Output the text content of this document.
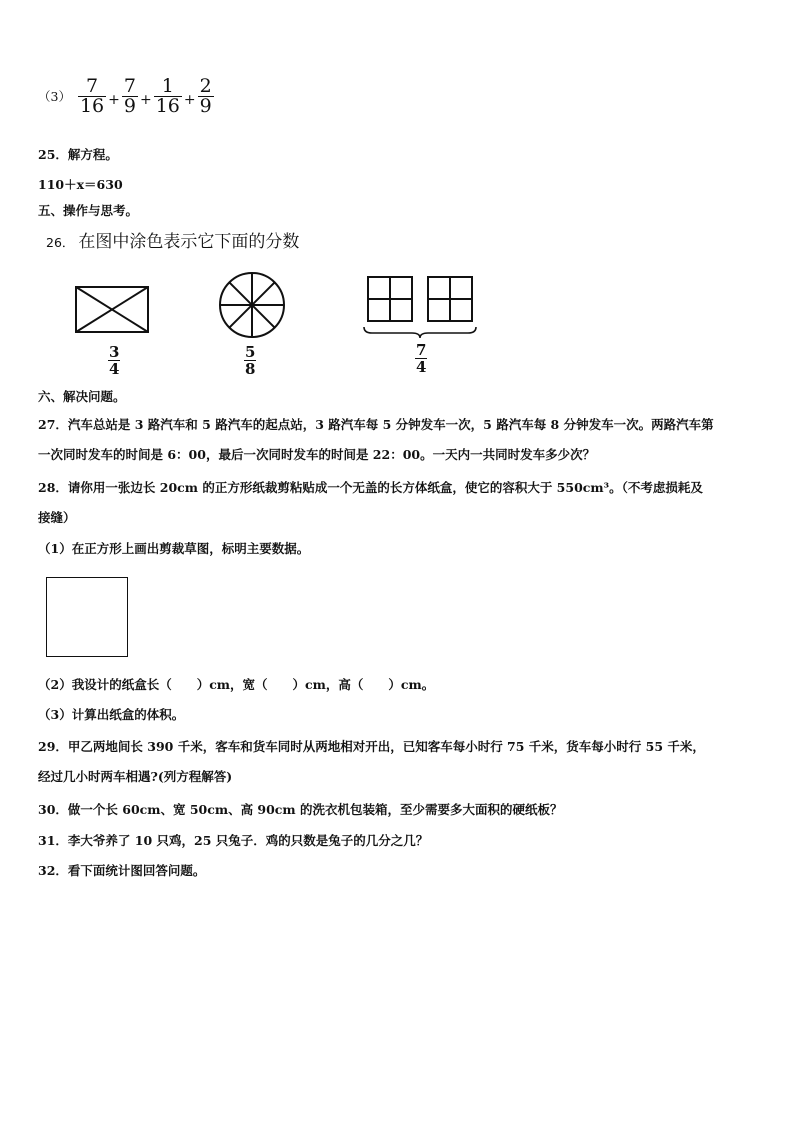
$(3) \frac{7}{16} + \frac{7}{9} + \frac{1}{16} + \frac{2}{9}$
25．解方程。
110＋x＝630
五、操作与思考。
26． 在图中涂色表示它下面的分数
3
4
5
8
7
4
六、解决问题。
27．汽车总站是 3 路汽车和 5 路汽车的起点站，3 路汽车每 5 分钟发车一次，5 路汽车每 8 分钟发车一次。两路汽车第
一次同时发车的时间是 6：00，最后一次同时发车的时间是 22：00。一天内一共同时发车多少次？
28．请你用一张边长 20cm 的正方形纸裁剪粘贴成一个无盖的长方体纸盒，使它的容积大于 550cm³。（不考虑损耗及
接缝）
（1）在正方形上画出剪裁草图，标明主要数据。
（2）我设计的纸盒长（　　）cm，宽（　　）cm，高（　　）cm。
（3）计算出纸盒的体积。
29．甲乙两地间长 390 千米，客车和货车同时从两地相对开出，已知客车每小时行 75 千米，货车每小时行 55 千米，
经过几小时两车相遇?(列方程解答)
30．做一个长 60cm、宽 50cm、高 90cm 的洗衣机包装箱，至少需要多大面积的硬纸板？
31．李大爷养了 10 只鸡，25 只兔子．鸡的只数是兔子的几分之几？
32．看下面统计图回答问题。
